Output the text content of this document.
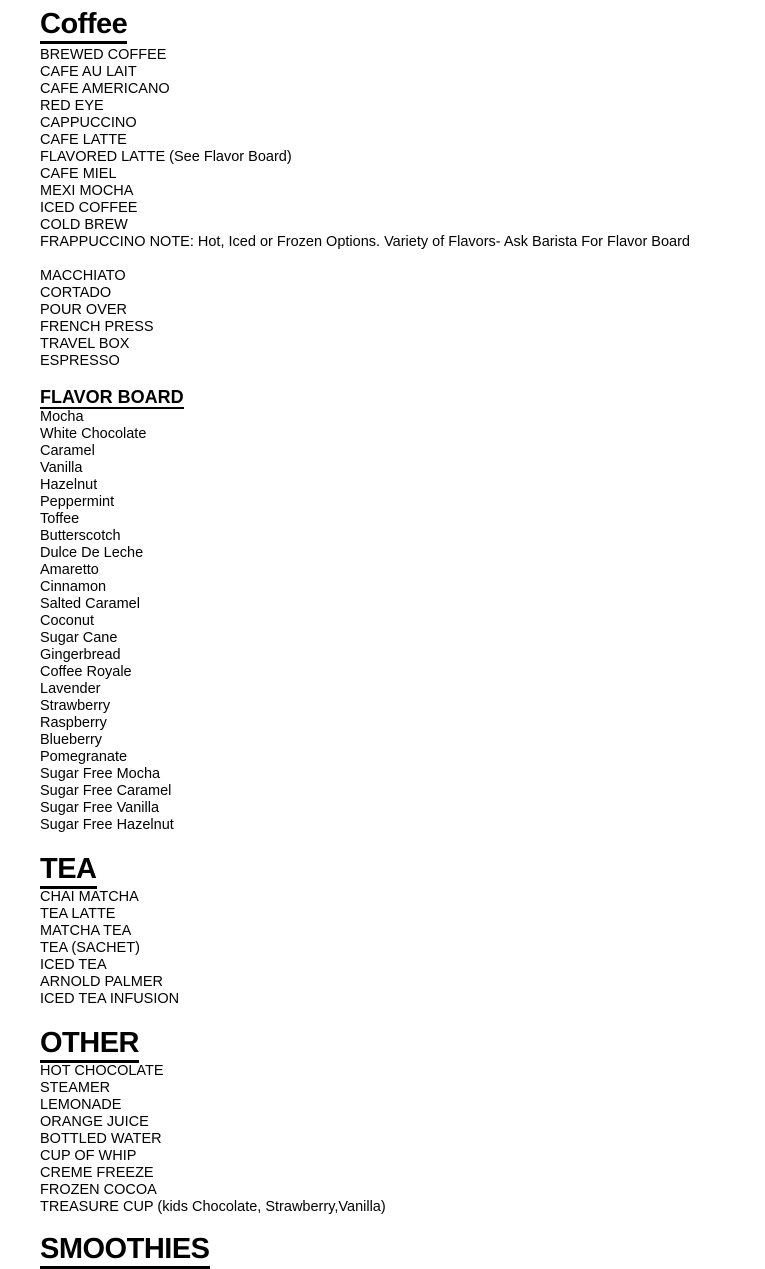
Coffee
BREWED COFFEE
CAFE AU LAIT
CAFE AMERICANO
RED EYE
CAPPUCCINO
CAFE LATTE
FLAVORED LATTE (See Flavor Board)
CAFE MIEL
MEXI MOCHA
ICED COFFEE
COLD BREW
FRAPPUCCINO NOTE: Hot, Iced or Frozen Options. Variety of Flavors- Ask Barista For Flavor Board
MACCHIATO
CORTADO
POUR OVER
FRENCH PRESS
TRAVEL BOX
ESPRESSO
FLAVOR BOARD
Mocha
White Chocolate
Caramel
Vanilla
Hazelnut
Peppermint
Toffee
Butterscotch
Dulce De Leche
Amaretto
Cinnamon
Salted Caramel
Coconut
Sugar Cane
Gingerbread
Coffee Royale
Lavender
Strawberry
Raspberry
Blueberry
Pomegranate
Sugar Free Mocha
Sugar Free Caramel
Sugar Free Vanilla
Sugar Free Hazelnut
TEA
CHAI MATCHA
TEA LATTE
MATCHA TEA
TEA (SACHET)
ICED TEA
ARNOLD PALMER
ICED TEA INFUSION
OTHER
HOT CHOCOLATE
STEAMER
LEMONADE
ORANGE JUICE
BOTTLED WATER
CUP OF WHIP
CREME FREEZE
FROZEN COCOA
TREASURE CUP (kids Chocolate, Strawberry,Vanilla)
SMOOTHIES
